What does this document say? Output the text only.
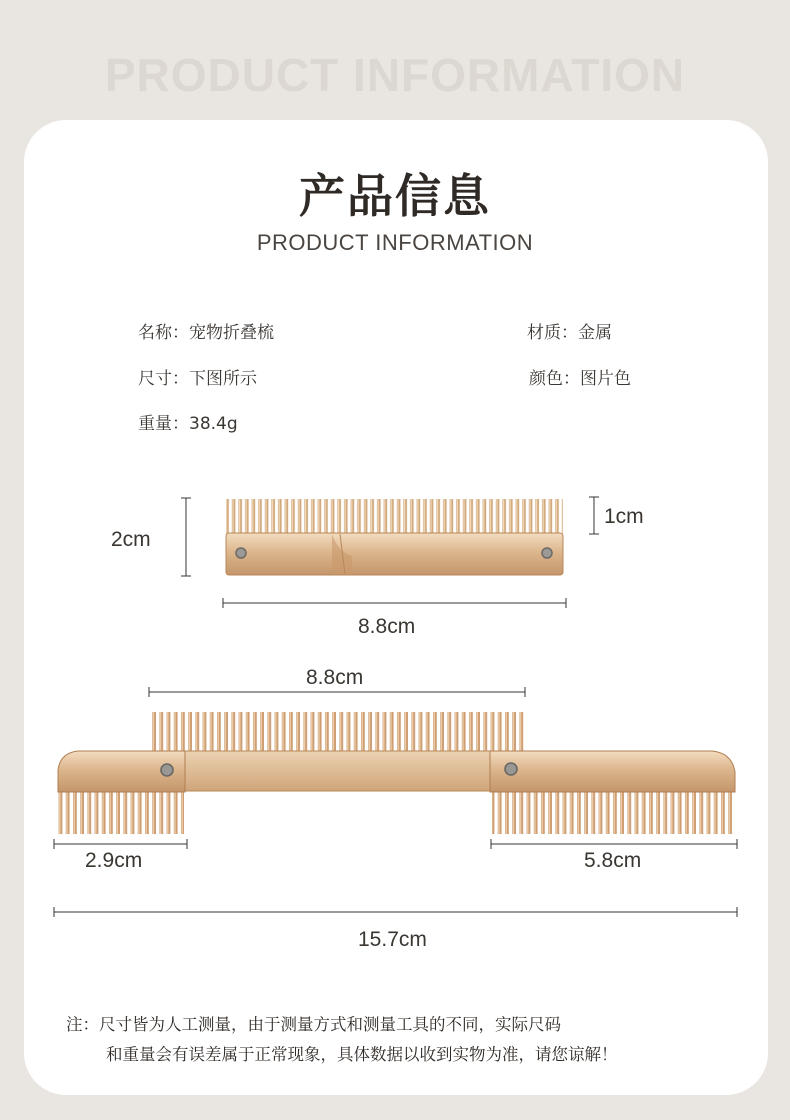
PRODUCT INFORMATION
产品信息
PRODUCT INFORMATION
名称：宠物折叠梳	材质：金属
尺寸：下图所示	颜色：图片色
重量：38.4g
2cm
1cm
8.8cm
8.8cm
2.9cm	5.8cm
15.7cm
注：尺寸皆为人工测量，由于测量方式和测量工具的不同，实际尺码
和重量会有误差属于正常现象，具体数据以收到实物为准，请您谅解！
